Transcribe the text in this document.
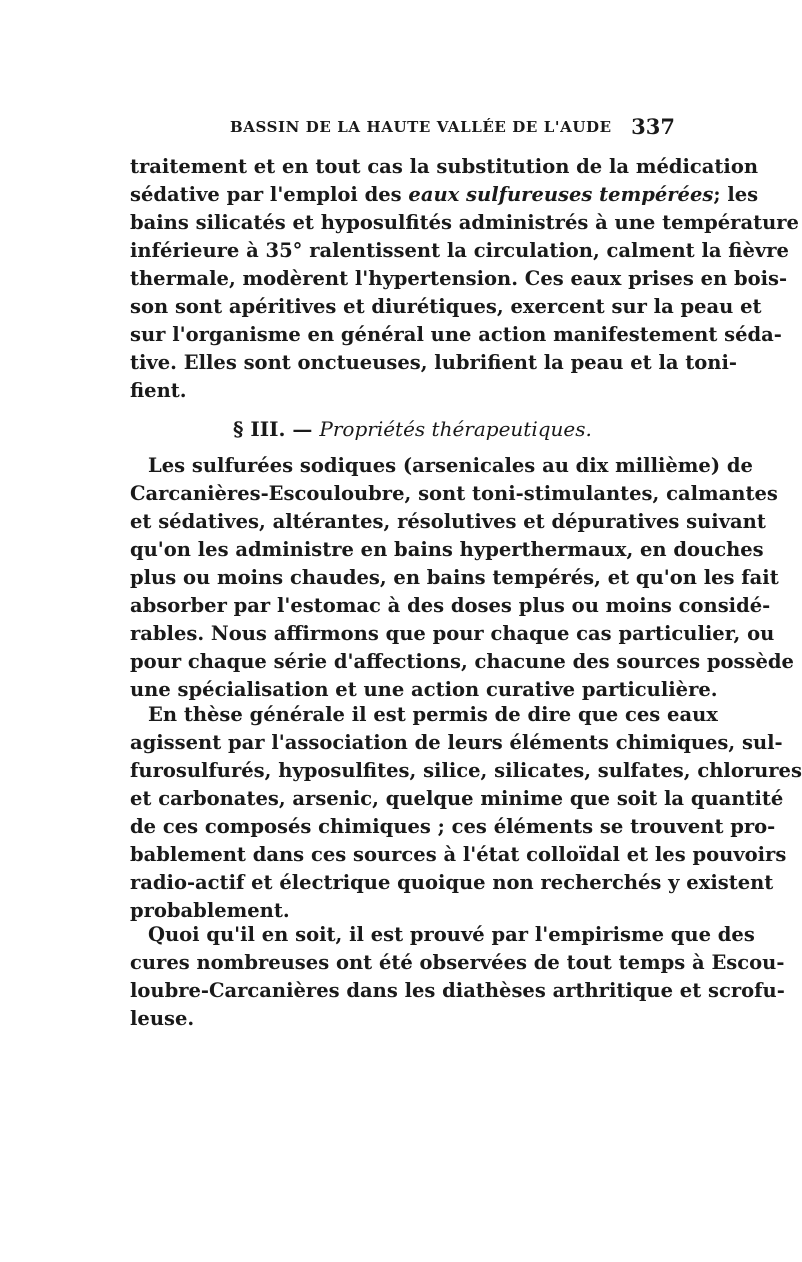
BASSIN DE LA HAUTE VALLÉE DE L'AUDE 337
traitement et en tout cas la substitution de la médication
sédative par l'emploi des eaux sulfureuses tempérées; les
bains silicatés et hyposulfités administrés à une température
inférieure à 35° ralentissent la circulation, calment la fièvre
thermale, modèrent l'hypertension. Ces eaux prises en bois-
son sont apéritives et diurétiques, exercent sur la peau et
sur l'organisme en général une action manifestement séda-
tive. Elles sont onctueuses, lubrifient la peau et la toni-
fient.
§ III. — Propriétés thérapeutiques.
Les sulfurées sodiques (arsenicales au dix millième) de
Carcanières-Escouloubre, sont toni-stimulantes, calmantes
et sédatives, altérantes, résolutives et dépuratives suivant
qu'on les administre en bains hyperthermaux, en douches
plus ou moins chaudes, en bains tempérés, et qu'on les fait
absorber par l'estomac à des doses plus ou moins considé-
rables. Nous affirmons que pour chaque cas particulier, ou
pour chaque série d'affections, chacune des sources possède
une spécialisation et une action curative particulière.
En thèse générale il est permis de dire que ces eaux
agissent par l'association de leurs éléments chimiques, sul-
furosulfurés, hyposulfites, silice, silicates, sulfates, chlorures
et carbonates, arsenic, quelque minime que soit la quantité
de ces composés chimiques ; ces éléments se trouvent pro-
bablement dans ces sources à l'état colloïdal et les pouvoirs
radio-actif et électrique quoique non recherchés y existent
probablement.
Quoi qu'il en soit, il est prouvé par l'empirisme que des
cures nombreuses ont été observées de tout temps à Escou-
loubre-Carcanières dans les diathèses arthritique et scrofu-
leuse.
